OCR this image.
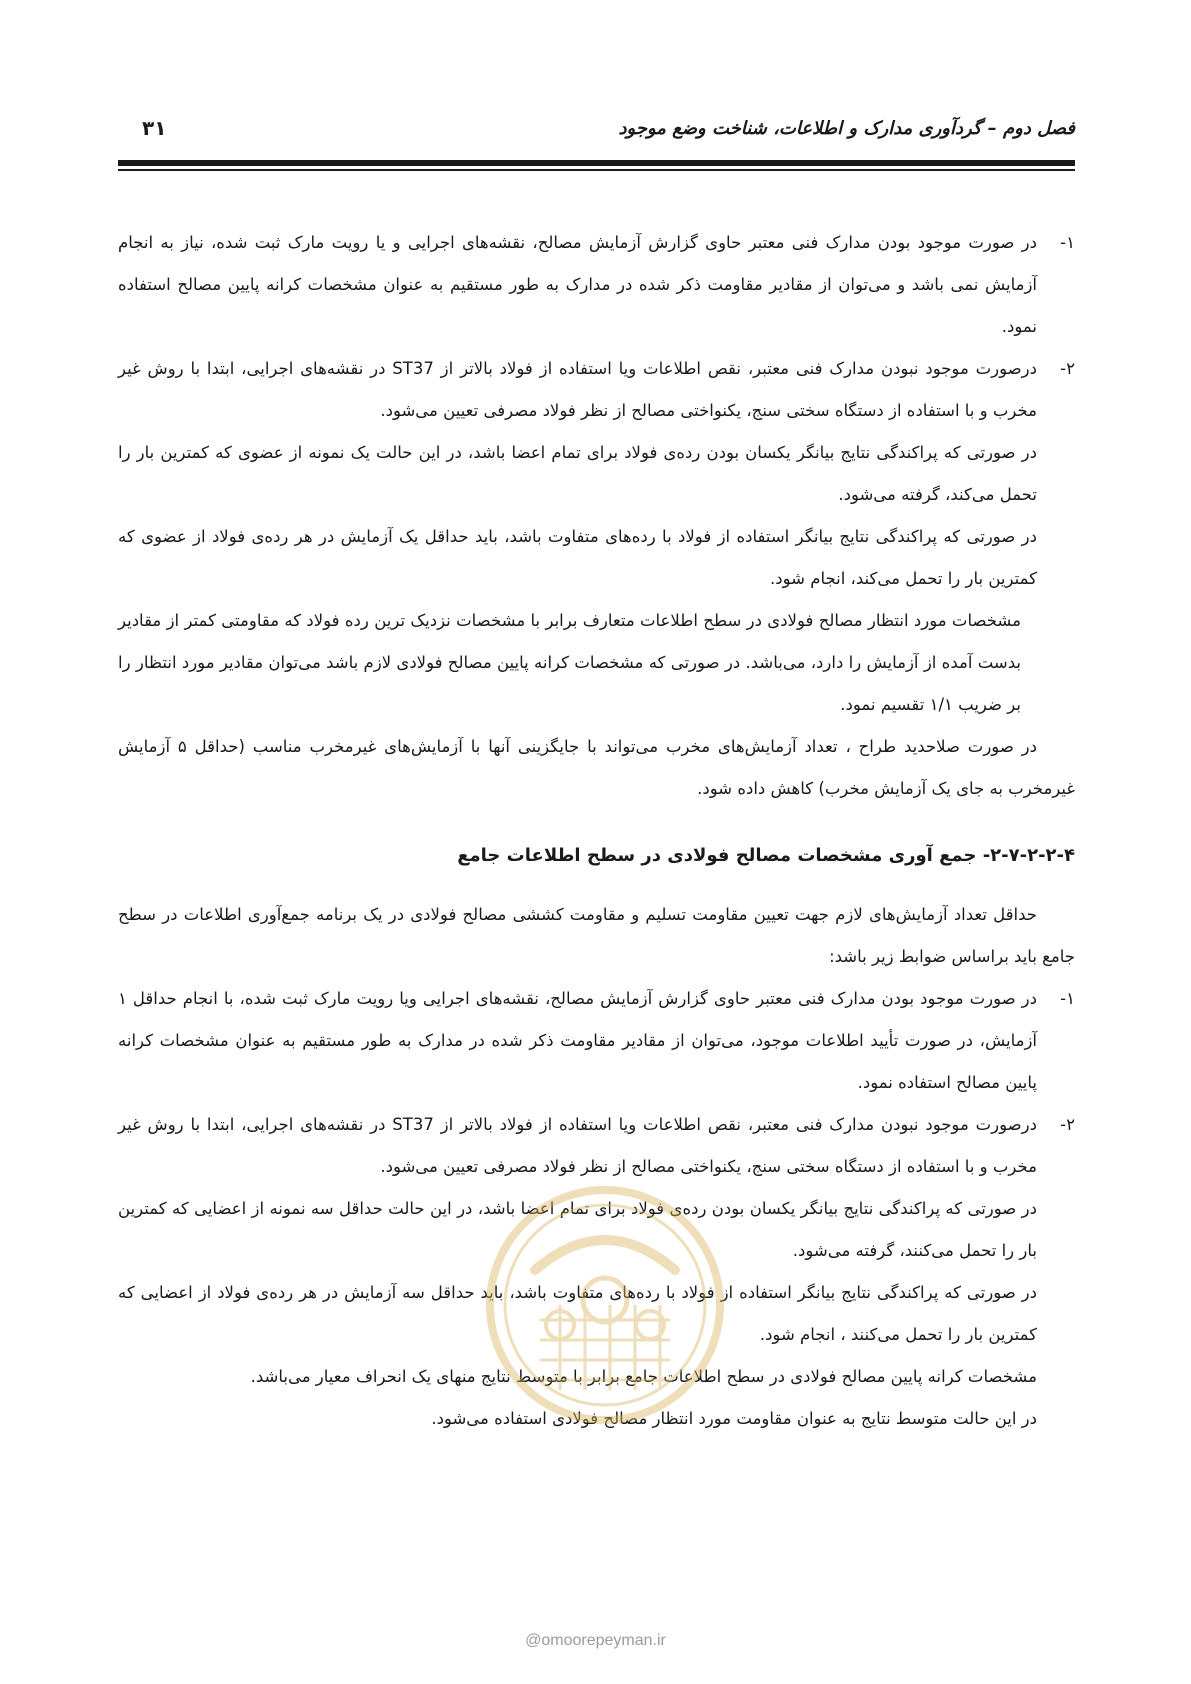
فصل دوم – گردآوری مدارک و اطلاعات، شناخت وضع موجود
۳۱

۱-
در صورت موجود بودن مدارک فنی معتبر حاوی گزارش آزمایش مصالح، نقشه‌های اجرایی و یا رویت مارک ثبت شده، نیاز به انجام آزمایش نمی باشد و می‌توان از مقادیر مقاومت ذکر شده در مدارک به طور مستقیم به عنوان مشخصات کرانه پایین مصالح استفاده نمود.

۲-
درصورت موجود نبودن مدارک فنی معتبر، نقص اطلاعات ویا استفاده از فولاد بالاتر از ST37 در نقشه‌های اجرایی، ابتدا با روش غیر مخرب و با استفاده از دستگاه سختی سنج، یکنواختی مصالح از نظر فولاد مصرفی تعیین می‌شود.

در صورتی که پراکندگی نتایج بیانگر یکسان بودن رده‌ی فولاد برای تمام اعضا باشد، در این حالت یک نمونه از عضوی که کمترین بار را تحمل می‌کند، گرفته می‌شود.

در صورتی که پراکندگی نتایج بیانگر استفاده از فولاد با رده‌های متفاوت باشد، باید حداقل یک آزمایش در هر رده‌ی فولاد از عضوی که کمترین بار را تحمل می‌کند، انجام شود.

مشخصات مورد انتظار مصالح فولادی در سطح اطلاعات متعارف برابر با مشخصات نزدیک ترین رده فولاد که مقاومتی کمتر از مقادیر بدست آمده از آزمایش را دارد، می‌باشد. در صورتی که مشخصات کرانه پایین مصالح فولادی لازم باشد می‌توان مقادیر مورد انتظار را بر ضریب ۱/۱ تقسیم نمود.

در صورت صلاحدید طراح ، تعداد آزمایش‌های مخرب می‌تواند با جایگزینی آنها با آزمایش‌های غیرمخرب مناسب (حداقل ۵ آزمایش غیرمخرب به جای یک آزمایش مخرب) کاهش داده شود.

۲-۷-۲-۲-۴- جمع آوری مشخصات مصالح فولادی در سطح اطلاعات جامع

حداقل تعداد آزمایش‌های لازم جهت تعیین مقاومت تسلیم و مقاومت کششی مصالح فولادی در یک برنامه جمع‌آوری اطلاعات در سطح جامع باید براساس ضوابط زیر باشد:

۱-
در صورت موجود بودن مدارک فنی معتبر حاوی گزارش آزمایش مصالح، نقشه‌های اجرایی ویا رویت مارک ثبت شده، با انجام حداقل ۱ آزمایش، در صورت تأیید اطلاعات موجود، می‌توان از مقادیر مقاومت ذکر شده در مدارک به طور مستقیم به عنوان مشخصات کرانه پایین مصالح استفاده نمود.

۲-
درصورت موجود نبودن مدارک فنی معتبر، نقص اطلاعات ویا استفاده از فولاد بالاتر از ST37 در نقشه‌های اجرایی، ابتدا با روش غیر مخرب و با استفاده از دستگاه سختی سنج، یکنواختی مصالح از نظر فولاد مصرفی تعیین می‌شود.

در صورتی که پراکندگی نتایج بیانگر یکسان بودن رده‌ی فولاد برای تمام اعضا باشد، در این حالت حداقل سه نمونه از اعضایی که کمترین بار را تحمل می‌کنند، گرفته می‌شود.

در صورتی که پراکندگی نتایج بیانگر استفاده از فولاد با رده‌های متفاوت باشد، باید حداقل سه آزمایش در هر رده‌ی فولاد از اعضایی که کمترین بار را تحمل می‌کنند ، انجام شود.

مشخصات کرانه پایین مصالح فولادی در سطح اطلاعات جامع برابر با متوسط نتایج منهای یک انحراف معیار می‌باشد.

در این حالت متوسط نتایج به عنوان مقاومت مورد انتظار مصالح فولادی استفاده می‌شود.

@omoorepeyman.ir
